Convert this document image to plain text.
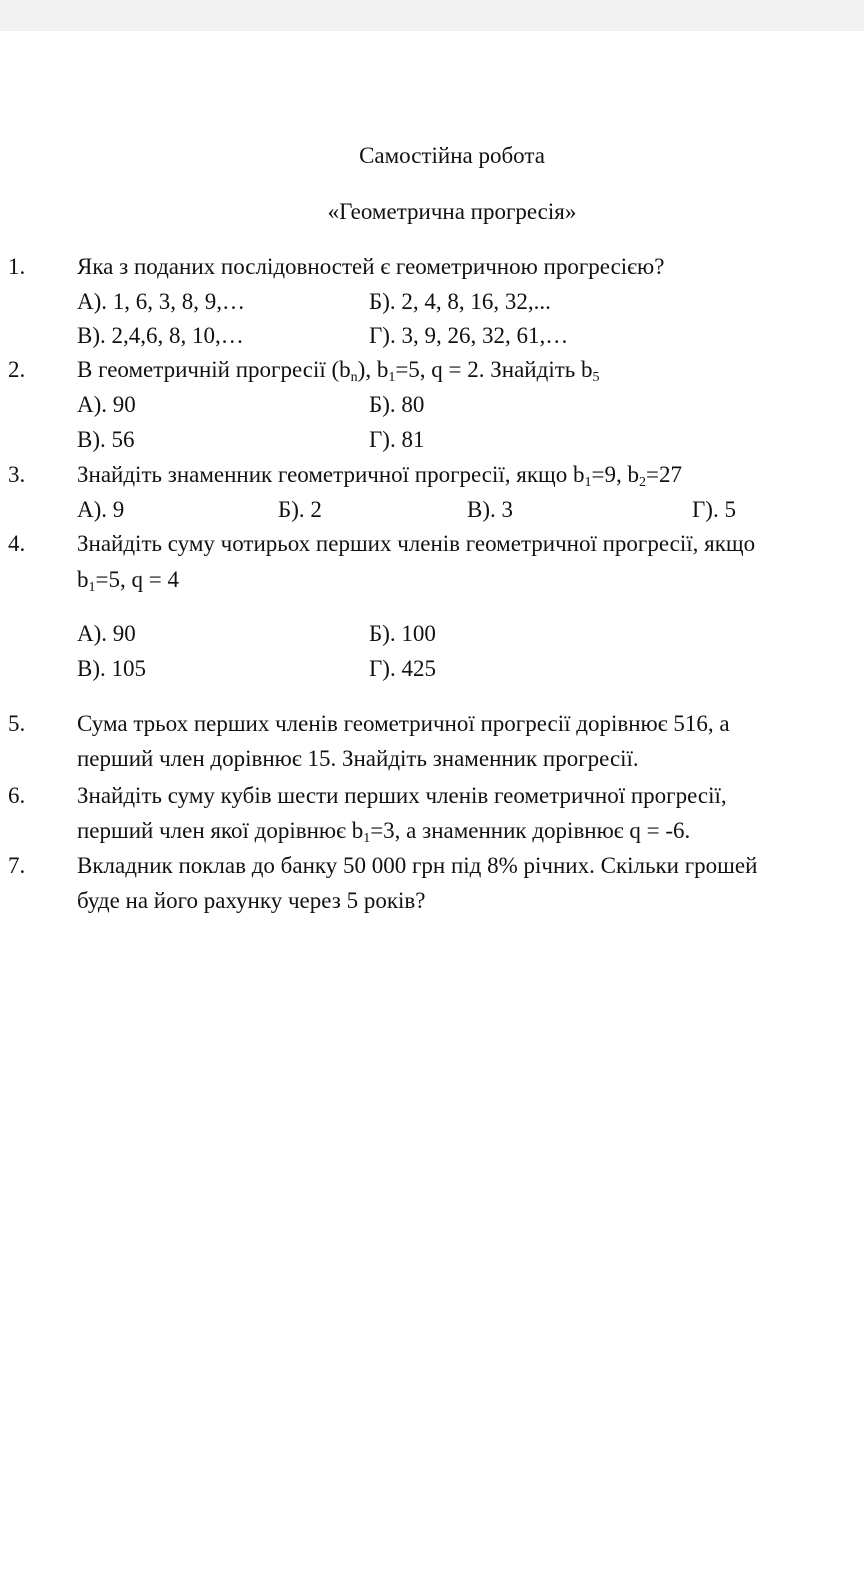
Самостійна робота
«Геометрична прогресія»
1. Яка з поданих послідовностей є геометричною прогресією?
А). 1, 6, 3, 8, 9,…	Б). 2, 4, 8, 16, 32,...
В). 2,4,6, 8, 10,…	Г). 3, 9, 26, 32, 61,…
2. В геометричній прогресії $(b_n)$, $b_1=5$, q = 2. Знайдіть $b_5$
А). 90	Б). 80
В). 56	Г). 81
3. Знайдіть знаменник геометричної прогресії, якщо $b_1=9$, $b_2=27$
А). 9	Б). 2	В). 3	Г). 5
4. Знайдіть суму чотирьох перших членів геометричної прогресії, якщо
$b_1=5$, q = 4
А). 90	Б). 100
В). 105	Г). 425
5. Сума трьох перших членів геометричної прогресії дорівнює 516, а
перший член дорівнює 15. Знайдіть знаменник прогресії.
6. Знайдіть суму кубів шести перших членів геометричної прогресії,
перший член якої дорівнює $b_1=3$, а знаменник дорівнює q = -6.
7. Вкладник поклав до банку 50 000 грн під 8% річних. Скільки грошей
буде на його рахунку через 5 років?
